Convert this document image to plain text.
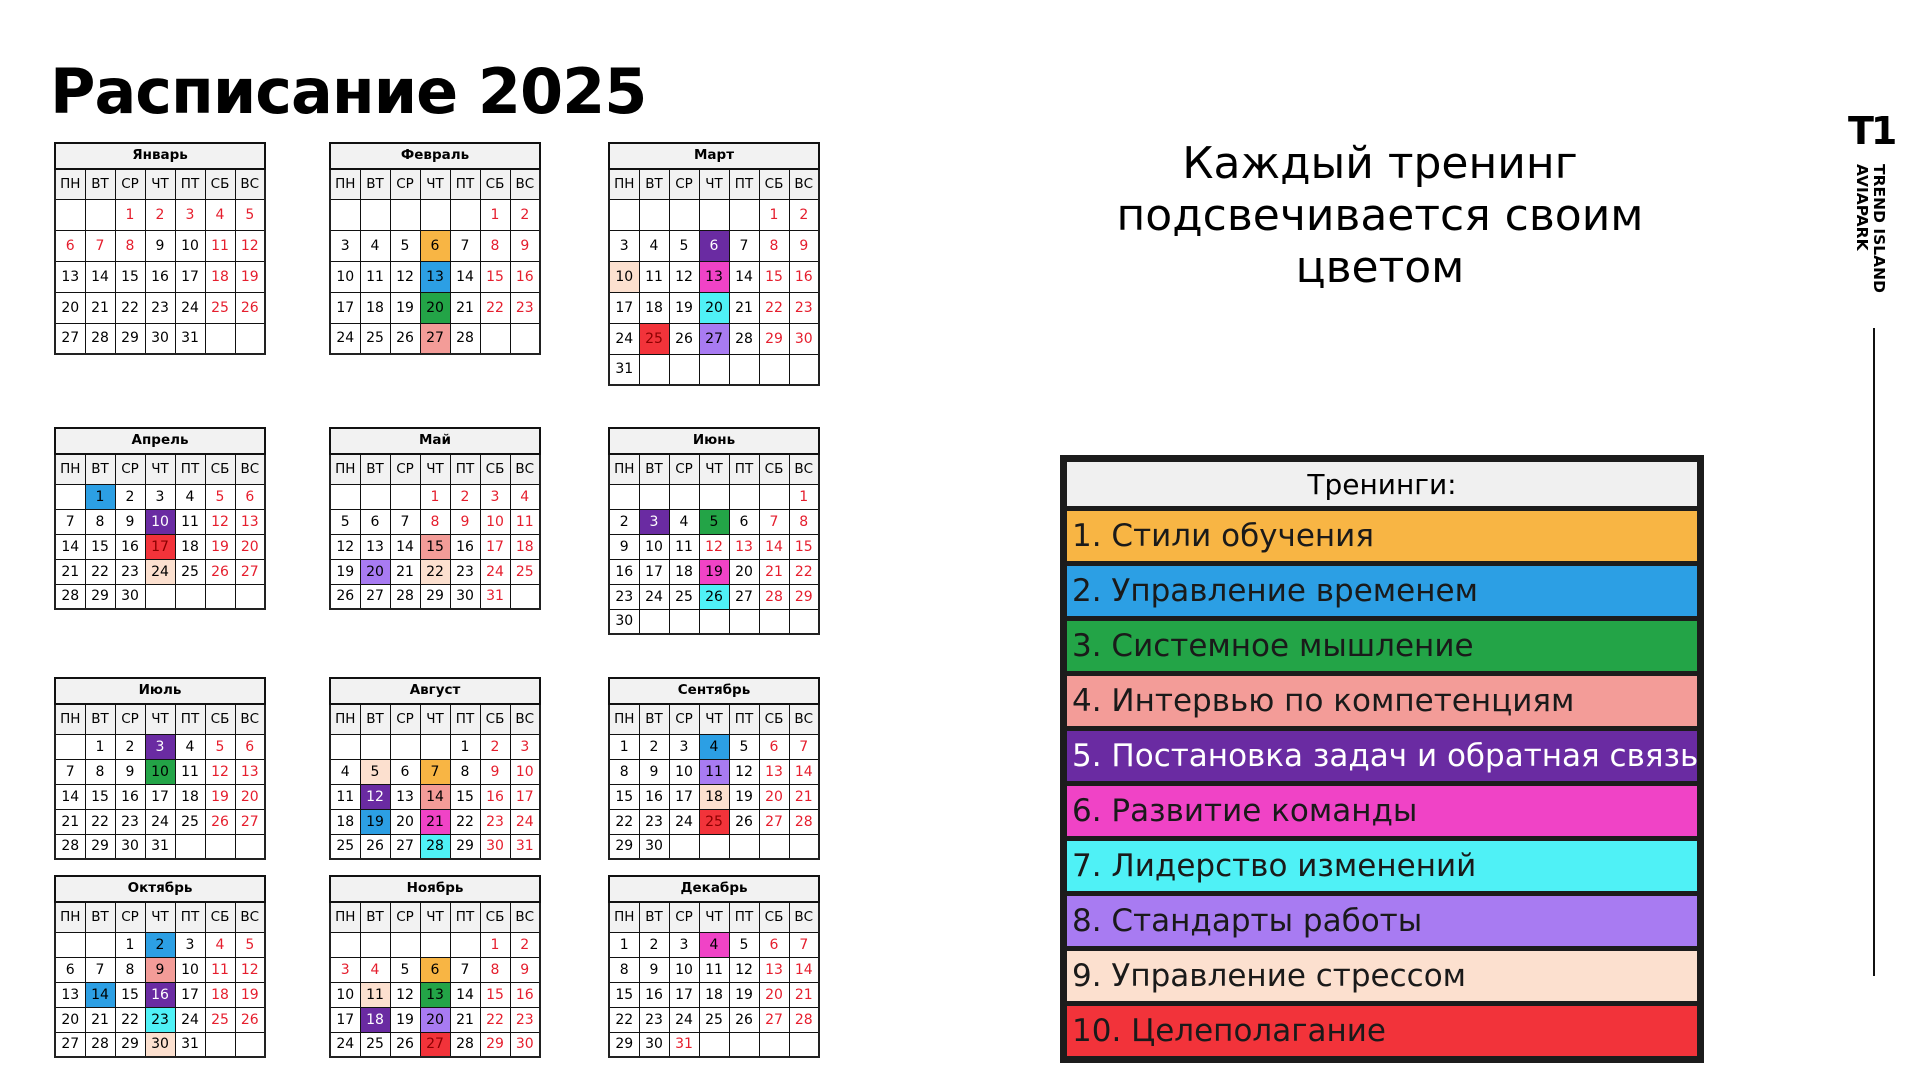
Расписание 2025
Январь						
ПН	ВТ	СР	ЧТ	ПТ	СБ	ВС
		1	2	3	4	5
6	7	8	9	10	11	12
13	14	15	16	17	18	19
20	21	22	23	24	25	26
27	28	29	30	31		
Февраль						
ПН	ВТ	СР	ЧТ	ПТ	СБ	ВС
					1	2
3	4	5	6	7	8	9
10	11	12	13	14	15	16
17	18	19	20	21	22	23
24	25	26	27	28		
Март						
ПН	ВТ	СР	ЧТ	ПТ	СБ	ВС
					1	2
3	4	5	6	7	8	9
10	11	12	13	14	15	16
17	18	19	20	21	22	23
24	25	26	27	28	29	30
31						
Апрель						
ПН	ВТ	СР	ЧТ	ПТ	СБ	ВС
	1	2	3	4	5	6
7	8	9	10	11	12	13
14	15	16	17	18	19	20
21	22	23	24	25	26	27
28	29	30				
Май						
ПН	ВТ	СР	ЧТ	ПТ	СБ	ВС
			1	2	3	4
5	6	7	8	9	10	11
12	13	14	15	16	17	18
19	20	21	22	23	24	25
26	27	28	29	30	31	
Июнь						
ПН	ВТ	СР	ЧТ	ПТ	СБ	ВС
						1
2	3	4	5	6	7	8
9	10	11	12	13	14	15
16	17	18	19	20	21	22
23	24	25	26	27	28	29
30						
Июль						
ПН	ВТ	СР	ЧТ	ПТ	СБ	ВС
	1	2	3	4	5	6
7	8	9	10	11	12	13
14	15	16	17	18	19	20
21	22	23	24	25	26	27
28	29	30	31			
Август						
ПН	ВТ	СР	ЧТ	ПТ	СБ	ВС
				1	2	3
4	5	6	7	8	9	10
11	12	13	14	15	16	17
18	19	20	21	22	23	24
25	26	27	28	29	30	31
Сентябрь						
ПН	ВТ	СР	ЧТ	ПТ	СБ	ВС
1	2	3	4	5	6	7
8	9	10	11	12	13	14
15	16	17	18	19	20	21
22	23	24	25	26	27	28
29	30					
Октябрь						
ПН	ВТ	СР	ЧТ	ПТ	СБ	ВС
		1	2	3	4	5
6	7	8	9	10	11	12
13	14	15	16	17	18	19
20	21	22	23	24	25	26
27	28	29	30	31		
Ноябрь						
ПН	ВТ	СР	ЧТ	ПТ	СБ	ВС
					1	2
3	4	5	6	7	8	9
10	11	12	13	14	15	16
17	18	19	20	21	22	23
24	25	26	27	28	29	30
Декабрь						
ПН	ВТ	СР	ЧТ	ПТ	СБ	ВС
1	2	3	4	5	6	7
8	9	10	11	12	13	14
15	16	17	18	19	20	21
22	23	24	25	26	27	28
29	30	31				
Каждый тренинг
подсвечивается своим
цветом
Тренинги:
1. Стили обучения
2. Управление временем
3. Системное мышление
4. Интервью по компетенциям
5. Постановка задач и обратная связь
6. Развитие команды
7. Лидерство изменений
8. Стандарты работы
9. Управление стрессом
10. Целеполагание
T1
TREND ISLAND
AVIAPARK
